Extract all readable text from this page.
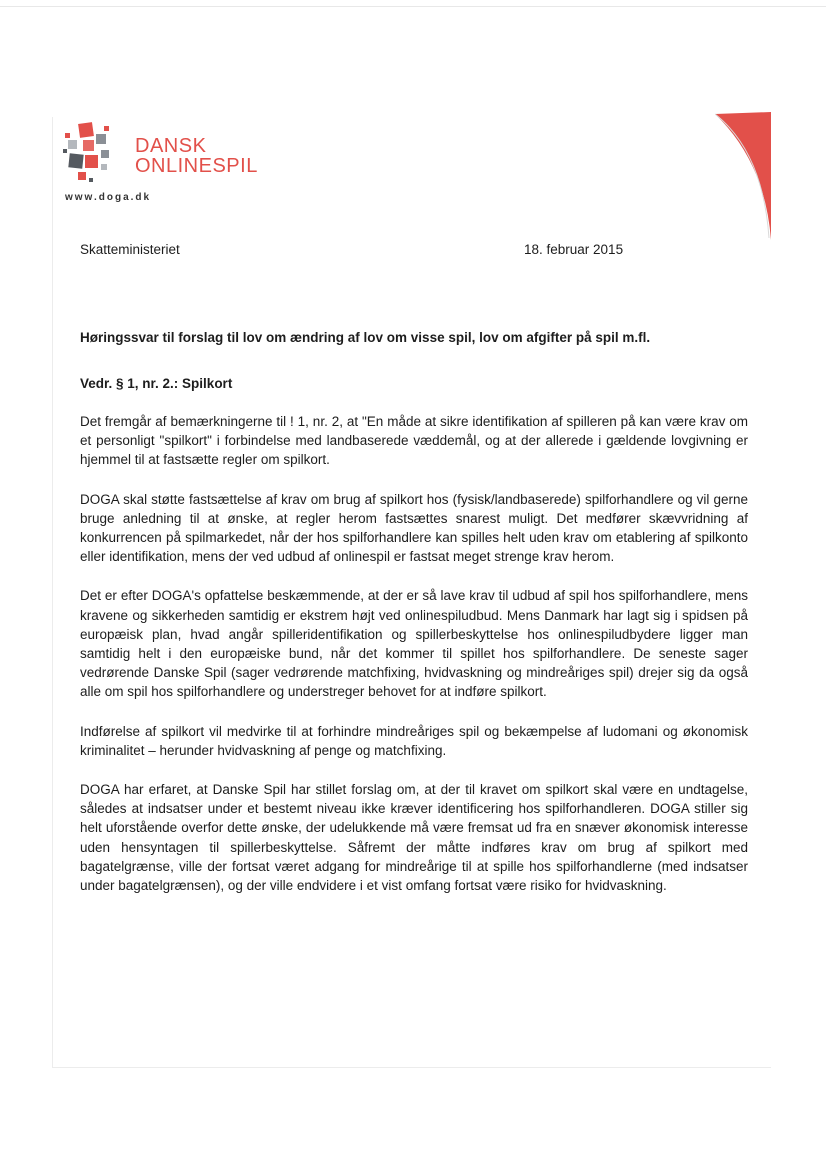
DANSK
ONLINESPIL
www.doga.dk
Skatteministeriet	18. februar 2015
Høringssvar til forslag til lov om ændring af lov om visse spil, lov om afgifter på spil m.fl.
Vedr. § 1, nr. 2.: Spilkort

Det fremgår af bemærkningerne til ! 1, nr. 2, at "En måde at sikre identifikation af spilleren på kan være krav om et personligt "spilkort" i forbindelse med landbaserede væddemål, og at der allerede i gældende lovgivning er hjemmel til at fastsætte regler om spilkort.

DOGA skal støtte fastsættelse af krav om brug af spilkort hos (fysisk/landbaserede) spilforhandlere og vil gerne bruge anledning til at ønske, at regler herom fastsættes snarest muligt. Det medfører skævvridning af konkurrencen på spilmarkedet, når der hos spilforhandlere kan spilles helt uden krav om etablering af spilkonto eller identifikation, mens der ved udbud af onlinespil er fastsat meget strenge krav herom.

Det er efter DOGA's opfattelse beskæmmende, at der er så lave krav til udbud af spil hos spilforhandlere, mens kravene og sikkerheden samtidig er ekstrem højt ved onlinespiludbud. Mens Danmark har lagt sig i spidsen på europæisk plan, hvad angår spilleridentifikation og spillerbeskyttelse hos onlinespiludbydere ligger man samtidig helt i den europæiske bund, når det kommer til spillet hos spilforhandlere. De seneste sager vedrørende Danske Spil (sager vedrørende matchfixing, hvidvaskning og mindreåriges spil) drejer sig da også alle om spil hos spilforhandlere og understreger behovet for at indføre spilkort.

Indførelse af spilkort vil medvirke til at forhindre mindreåriges spil og bekæmpelse af ludomani og økonomisk kriminalitet – herunder hvidvaskning af penge og matchfixing.

DOGA har erfaret, at Danske Spil har stillet forslag om, at der til kravet om spilkort skal være en undtagelse, således at indsatser under et bestemt niveau ikke kræver identificering hos spilforhandleren. DOGA stiller sig helt uforstående overfor dette ønske, der udelukkende må være fremsat ud fra en snæver økonomisk interesse uden hensyntagen til spillerbeskyttelse. Såfremt der måtte indføres krav om brug af spilkort med bagatelgrænse, ville der fortsat været adgang for mindreårige til at spille hos spilforhandlerne (med indsatser under bagatelgrænsen), og der ville endvidere i et vist omfang fortsat være risiko for hvidvaskning.
